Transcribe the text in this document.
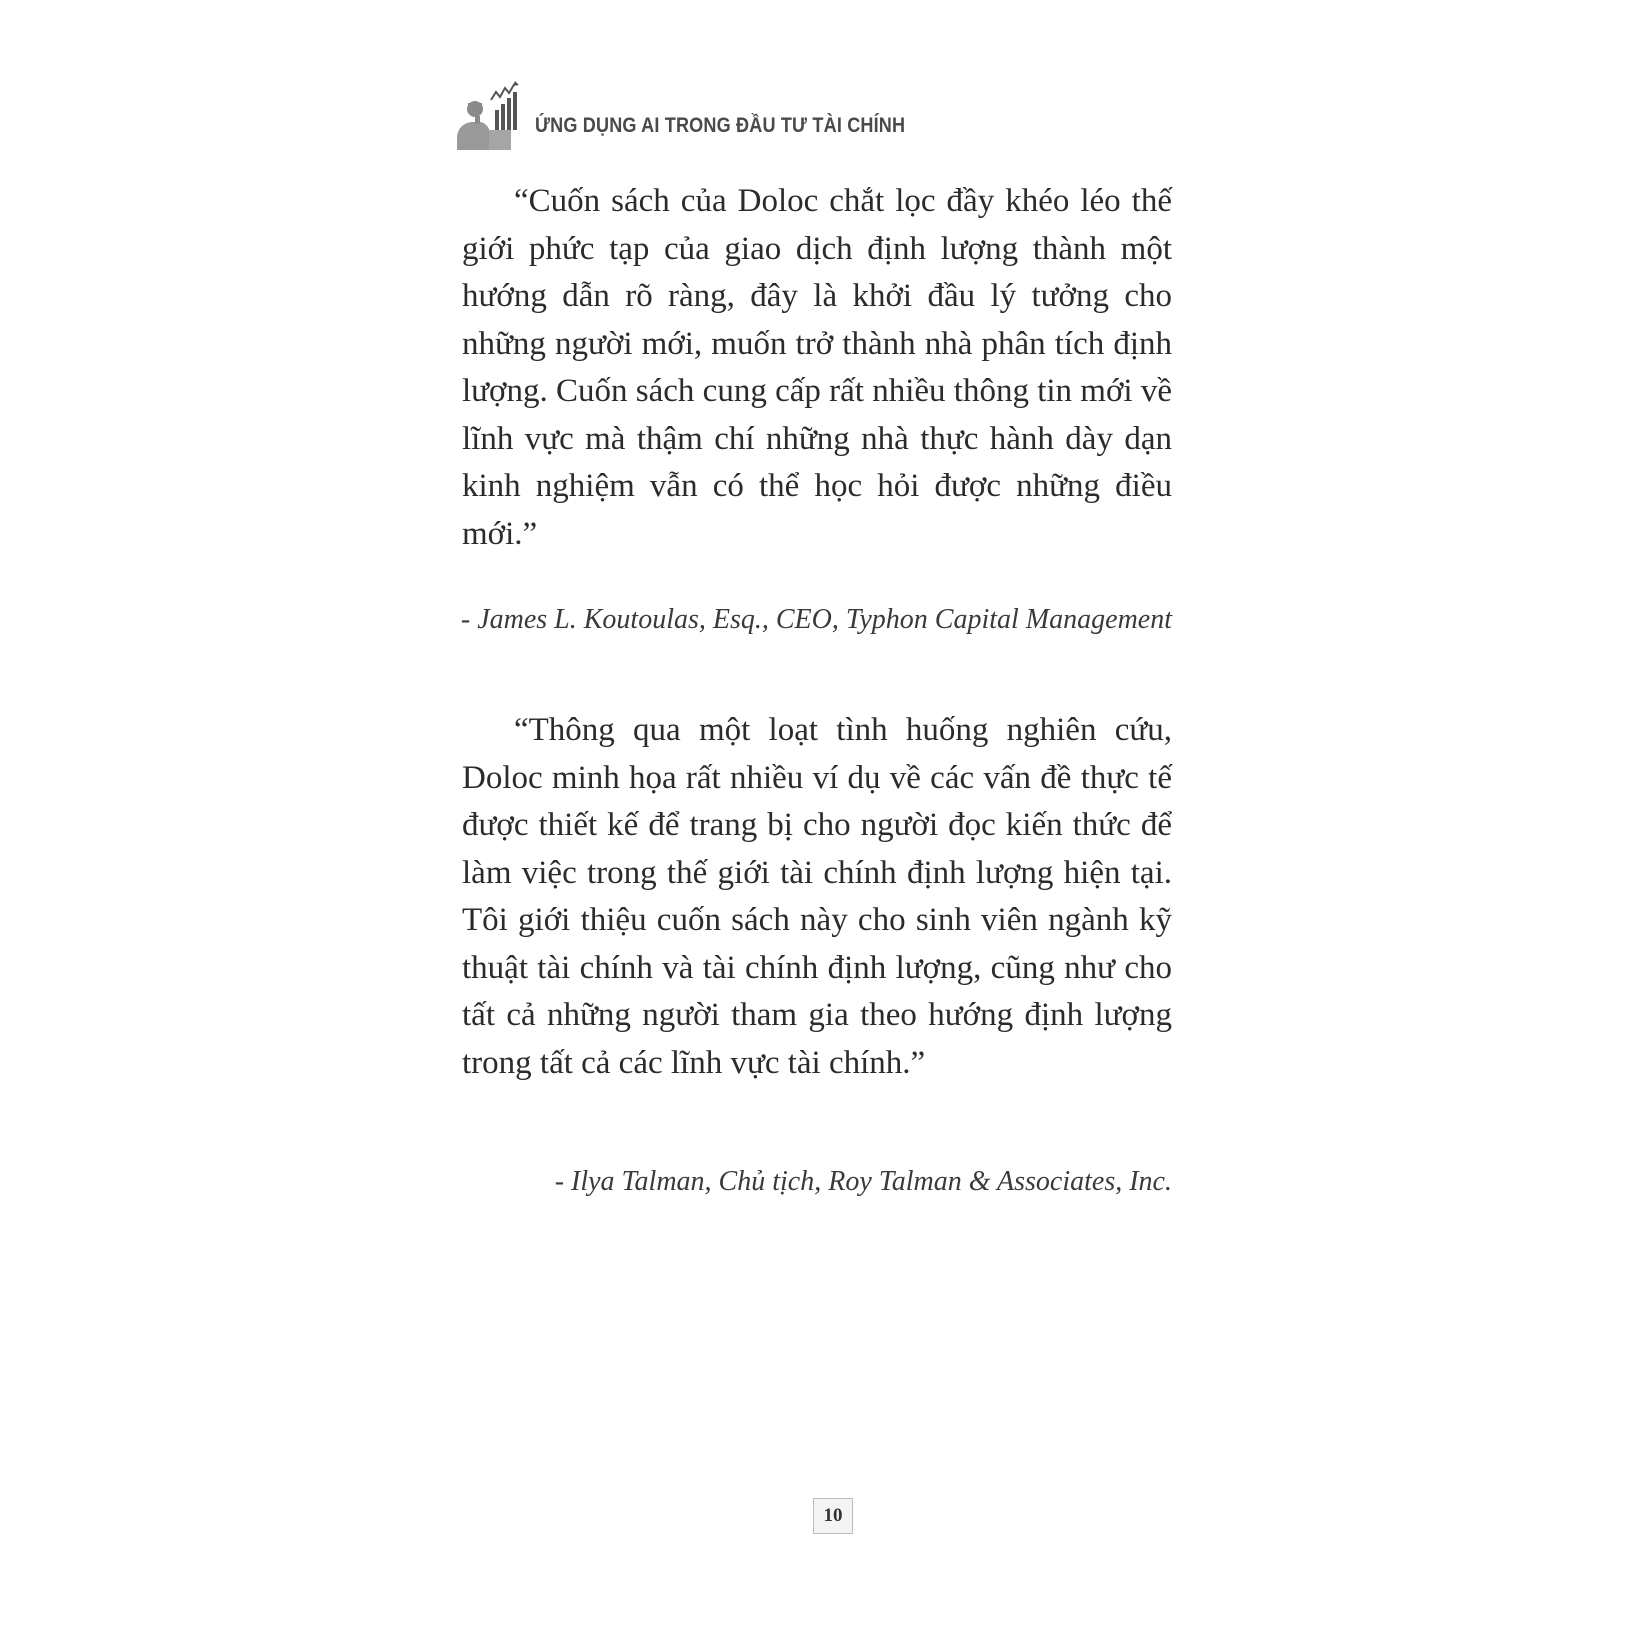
ỨNG DỤNG AI TRONG ĐẦU TƯ TÀI CHÍNH

“Cuốn sách của Doloc chắt lọc đầy khéo léo thế giới phức tạp của giao dịch định lượng thành một hướng dẫn rõ ràng, đây là khởi đầu lý tưởng cho những người mới, muốn trở thành nhà phân tích định lượng. Cuốn sách cung cấp rất nhiều thông tin mới về lĩnh vực mà thậm chí những nhà thực hành dày dạn kinh nghiệm vẫn có thể học hỏi được những điều mới.”

- James L. Koutoulas, Esq., CEO, Typhon Capital Management

“Thông qua một loạt tình huống nghiên cứu, Doloc minh họa rất nhiều ví dụ về các vấn đề thực tế được thiết kế để trang bị cho người đọc kiến thức để làm việc trong thế giới tài chính định lượng hiện tại. Tôi giới thiệu cuốn sách này cho sinh viên ngành kỹ thuật tài chính và tài chính định lượng, cũng như cho tất cả những người tham gia theo hướng định lượng trong tất cả các lĩnh vực tài chính.”

- Ilya Talman, Chủ tịch, Roy Talman & Associates, Inc.

10
